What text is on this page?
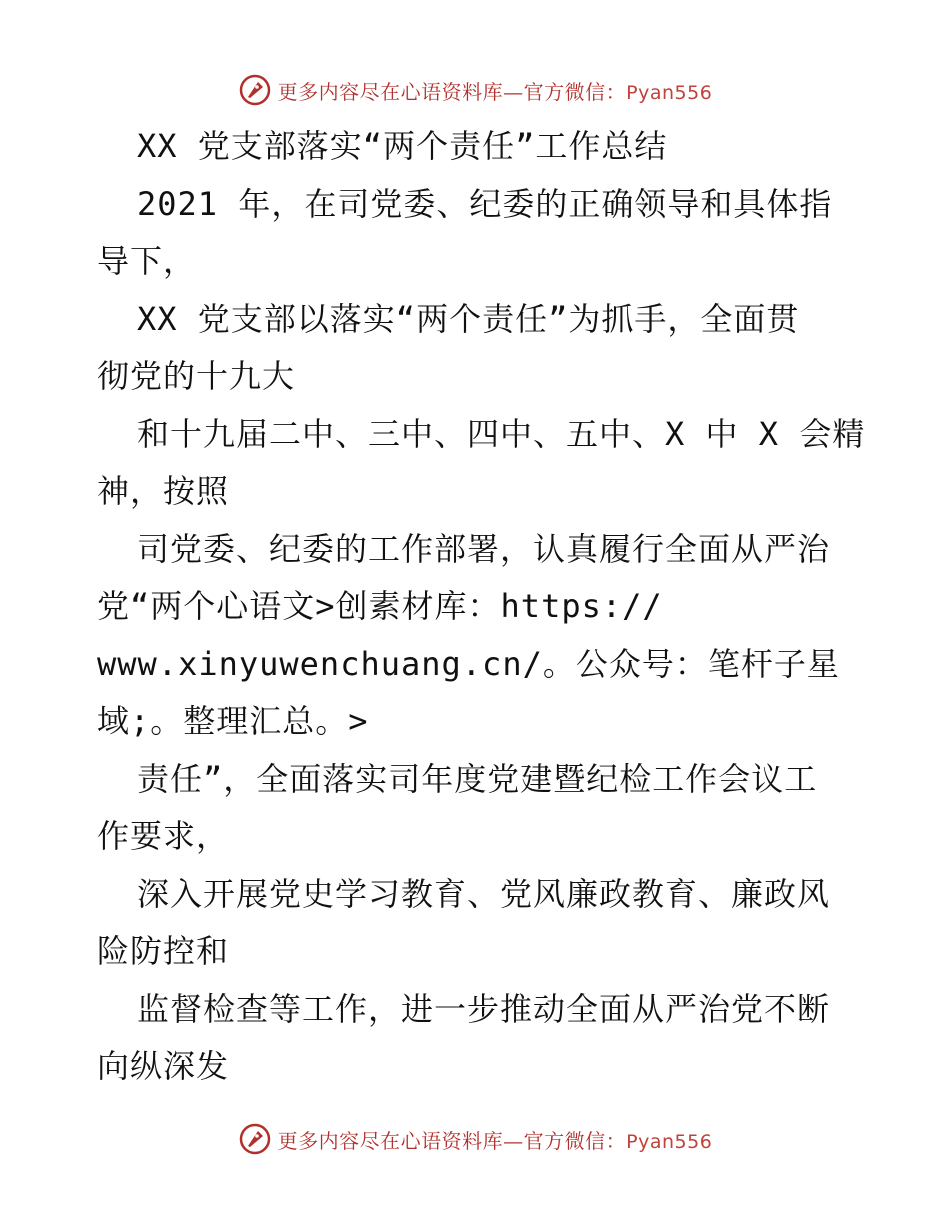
更多内容尽在心语资料库—官方微信：Pyan556
XX 党支部落实“两个责任”工作总结
2021 年，在司党委、纪委的正确领导和具体指
导下，
XX 党支部以落实“两个责任”为抓手，全面贯
彻党的十九大
和十九届二中、三中、四中、五中、X 中 X 会精
神，按照
司党委、纪委的工作部署，认真履行全面从严治
党“两个心语文>创素材库：https://
www.xinyuwenchuang.cn/。公众号：笔杆子星
域;。整理汇总。>
责任”，全面落实司年度党建暨纪检工作会议工
作要求，
深入开展党史学习教育、党风廉政教育、廉政风
险防控和
监督检查等工作，进一步推动全面从严治党不断
向纵深发
更多内容尽在心语资料库—官方微信：Pyan556
